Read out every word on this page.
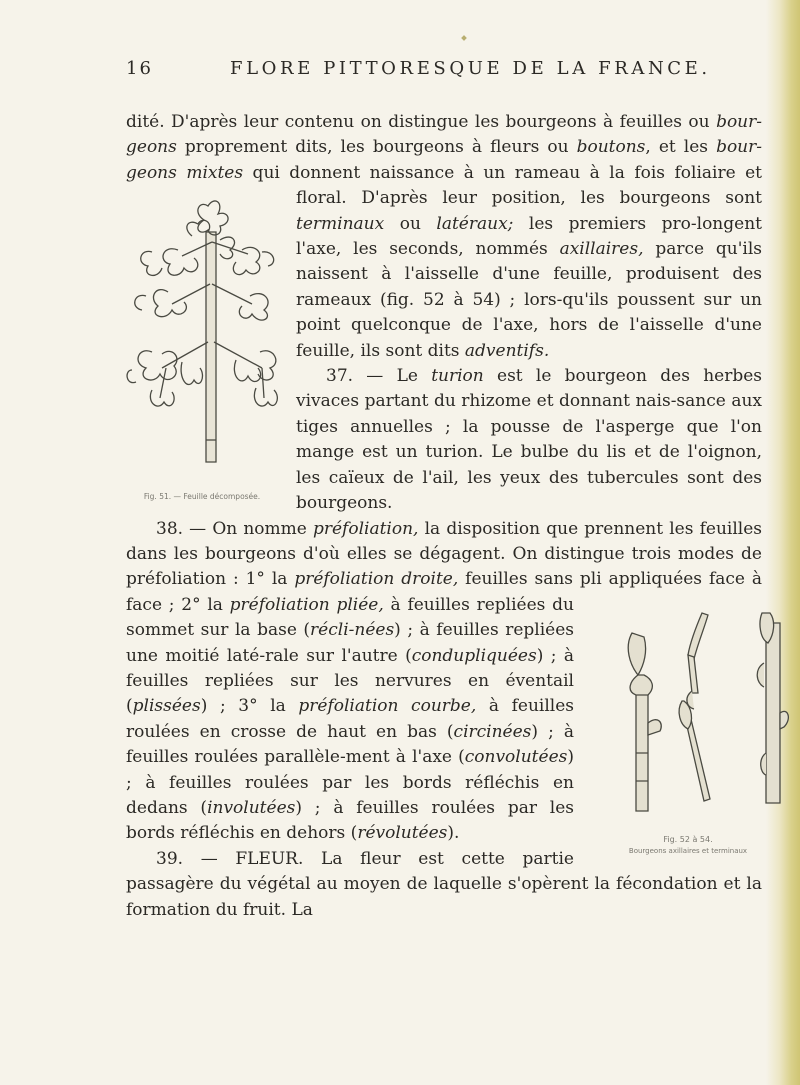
16	FLORE PITTORESQUE DE LA FRANCE.

dité. D'après leur contenu on distingue les bourgeons à feuilles ou bour-geons proprement dits, les bourgeons à fleurs ou boutons, et les bour-geons mixtes qui donnent naissance à un rameau à la fois foliaire et floral. D'après leur position, les bourgeons sont
Fig. 51. — Feuille décomposée.
terminaux ou latéraux; les premiers pro-longent l'axe, les seconds, nommés axillaires, parce qu'ils naissent à l'aisselle d'une feuille, produisent des rameaux (fig. 52 à 54) ; lors-qu'ils poussent sur un point quelconque de l'axe, hors de l'aisselle d'une feuille, ils sont dits adventifs.

37. — Le turion est le bourgeon des herbes vivaces partant du rhizome et donnant nais-sance aux tiges annuelles ; la pousse de l'asperge que l'on mange est un turion. Le bulbe du lis et de l'oignon, les caïeux de l'ail, les yeux des tubercules sont des bourgeons.

38. — On nomme préfoliation, la disposition que prennent les feuilles dans les bourgeons d'où elles se dégagent. On distingue trois modes de préfoliation : 1° la préfoliation droite, feuilles sans pli appliquées face à face ; 2° la préfoliation pliée,
Fig. 52 à 54.
Bourgeons axillaires et terminaux
à feuilles repliées du sommet sur la base (récli-nées) ; à feuilles repliées une moitié laté-rale sur l'autre (condupliquées) ; à feuilles repliées sur les nervures en éventail (plissées) ; 3° la préfoliation courbe, à feuilles roulées en crosse de haut en bas (circinées) ; à feuilles roulées parallèle-ment à l'axe (convolutées) ; à feuilles roulées par les bords réfléchis en dedans (involutées) ; à feuilles roulées par les bords réfléchis en dehors (révolutées).

39. — FLEUR. La fleur est cette partie passagère du végétal au moyen de laquelle s'opèrent la fécondation et la formation du fruit. La
